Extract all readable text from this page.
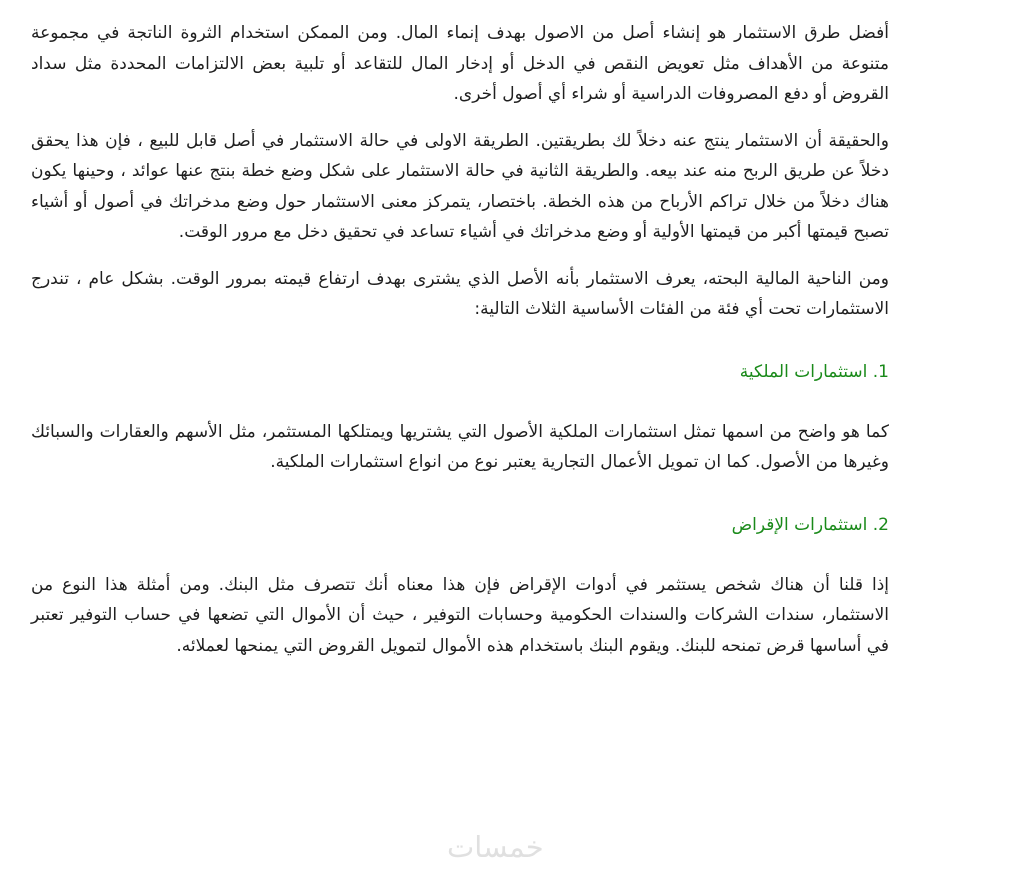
أفضل طرق الاستثمار هو إنشاء أصل من الاصول بهدف إنماء المال. ومن الممكن استخدام الثروة الناتجة في مجموعة متنوعة من الأهداف مثل تعويض النقص في الدخل أو إدخار المال للتقاعد أو تلبية بعض الالتزامات المحددة مثل سداد القروض أو دفع المصروفات الدراسية أو شراء أي أصول أخرى.

والحقيقة أن الاستثمار ينتج عنه دخلاً لك بطريقتين. الطريقة الاولى في حالة الاستثمار في أصل قابل للبيع ، فإن هذا يحقق دخلاً عن طريق الربح منه عند بيعه. والطريقة الثانية في حالة الاستثمار على شكل وضع خطة بنتج عنها عوائد ، وحينها يكون هناك دخلاً من خلال تراكم الأرباح من هذه الخطة. باختصار، يتمركز معنى الاستثمار حول وضع مدخراتك في أصول أو أشياء تصبح قيمتها أكبر من قيمتها الأولية أو وضع مدخراتك في أشياء تساعد في تحقيق دخل مع مرور الوقت.

ومن الناحية المالية البحته، يعرف الاستثمار بأنه الأصل الذي يشترى بهدف ارتفاع قيمته بمرور الوقت. بشكل عام ، تندرج الاستثمارات تحت أي فئة من الفئات الأساسية الثلاث التالية:

1. استثمارات الملكية

كما هو واضح من اسمها تمثل استثمارات الملكية الأصول التي يشتريها ويمتلكها المستثمر، مثل الأسهم والعقارات والسبائك وغيرها من الأصول. كما ان تمويل الأعمال التجارية يعتبر نوع من انواع استثمارات الملكية.

2. استثمارات الإقراض

إذا قلنا أن هناك شخص يستثمر في أدوات الإقراض فإن هذا معناه أنك تتصرف مثل البنك. ومن أمثلة هذا النوع من الاستثمار، سندات الشركات والسندات الحكومية وحسابات التوفير ، حيث أن الأموال التي تضعها في حساب التوفير تعتبر في أساسها قرض تمنحه للبنك. ويقوم البنك باستخدام هذه الأموال لتمويل القروض التي يمنحها لعملائه.

خمسات
